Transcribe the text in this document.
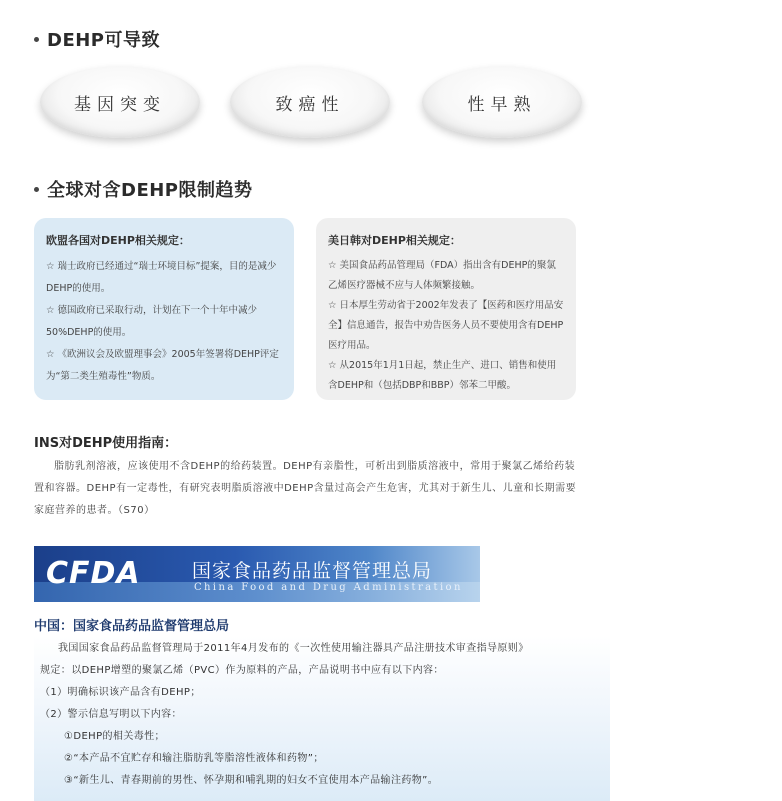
DEHP可导致
基因突变	致癌性	性早熟
全球对含DEHP限制趋势
欧盟各国对DEHP相关规定：

☆ 瑞士政府已经通过“瑞士环境目标”提案，目的是减少DEHP的使用。

☆ 德国政府已采取行动，计划在下一个十年中减少50%DEHP的使用。

☆ 《欧洲议会及欧盟理事会》2005年签署将DEHP评定为“第二类生殖毒性”物质。

美日韩对DEHP相关规定：

☆ 美国食品药品管理局（FDA）指出含有DEHP的聚氯乙烯医疗器械不应与人体频繁接触。

☆ 日本厚生劳动省于2002年发表了【医药和医疗用品安全】信息通告，报告中劝告医务人员不要使用含有DEHP医疗用品。

☆ 从2015年1月1日起，禁止生产、进口、销售和使用含DEHP和（包括DBP和BBP）邻苯二甲酸。

INS对DEHP使用指南：
脂肪乳剂溶液，应该使用不含DEHP的给药装置。DEHP有亲脂性，可析出到脂质溶液中，常用于聚氯乙烯给药装置和容器。DEHP有一定毒性，有研究表明脂质溶液中DEHP含量过高会产生危害，尤其对于新生儿、儿童和长期需要家庭营养的患者。（S70）
CFDA	国家食品药品监督管理总局
China Food and Drug Administration
中国：国家食品药品监督管理总局
我国国家食品药品监督管理局于2011年4月发布的《一次性使用输注器具产品注册技术审查指导原则》
规定：以DEHP增塑的聚氯乙烯（PVC）作为原料的产品，产品说明书中应有以下内容：
（1）明确标识该产品含有DEHP；
（2）警示信息写明以下内容：
①DEHP的相关毒性；
②“本产品不宜贮存和输注脂肪乳等脂溶性液体和药物”；
③“新生儿、青春期前的男性、怀孕期和哺乳期的妇女不宜使用本产品输注药物”。
